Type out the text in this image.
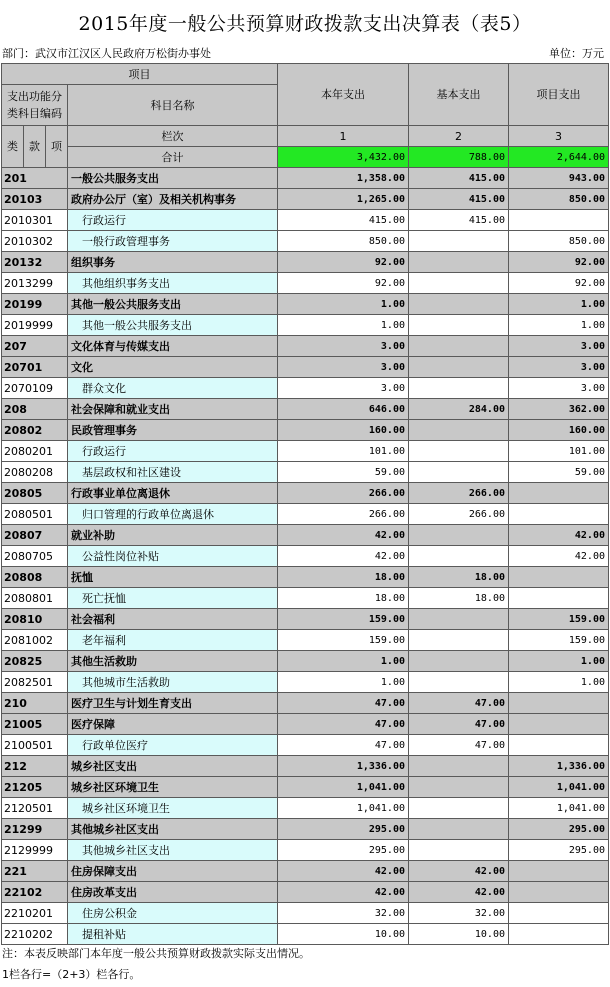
2015年度一般公共预算财政拨款支出决算表（表5）
部门：武汉市江汉区人民政府万松街办事处	单位：万元
项目				本年支出	基本支出	项目支出
支出功能分类科目编码			科目名称			

类	款	项	栏次	1	2	3
			合计	3,432.00	788.00	2,644.00
201			一般公共服务支出	1,358.00	415.00	943.00
20103			政府办公厅（室）及相关机构事务	1,265.00	415.00	850.00
2010301			行政运行	415.00	415.00	
2010302			一般行政管理事务	850.00		850.00
20132			组织事务	92.00		92.00
2013299			其他组织事务支出	92.00		92.00
20199			其他一般公共服务支出	1.00		1.00
2019999			其他一般公共服务支出	1.00		1.00
207			文化体育与传媒支出	3.00		3.00
20701			文化	3.00		3.00
2070109			群众文化	3.00		3.00
208			社会保障和就业支出	646.00	284.00	362.00
20802			民政管理事务	160.00		160.00
2080201			行政运行	101.00		101.00
2080208			基层政权和社区建设	59.00		59.00
20805			行政事业单位离退休	266.00	266.00	
2080501			归口管理的行政单位离退休	266.00	266.00	
20807			就业补助	42.00		42.00
2080705			公益性岗位补贴	42.00		42.00
20808			抚恤	18.00	18.00	
2080801			死亡抚恤	18.00	18.00	
20810			社会福利	159.00		159.00
2081002			老年福利	159.00		159.00
20825			其他生活救助	1.00		1.00
2082501			其他城市生活救助	1.00		1.00
210			医疗卫生与计划生育支出	47.00	47.00	
21005			医疗保障	47.00	47.00	
2100501			行政单位医疗	47.00	47.00	
212			城乡社区支出	1,336.00		1,336.00
21205			城乡社区环境卫生	1,041.00		1,041.00
2120501			城乡社区环境卫生	1,041.00		1,041.00
21299			其他城乡社区支出	295.00		295.00
2129999			其他城乡社区支出	295.00		295.00
221			住房保障支出	42.00	42.00	
22102			住房改革支出	42.00	42.00	
2210201			住房公积金	32.00	32.00	
2210202			提租补贴	10.00	10.00	
注：本表反映部门本年度一般公共预算财政拨款实际支出情况。
1栏各行=（2+3）栏各行。
